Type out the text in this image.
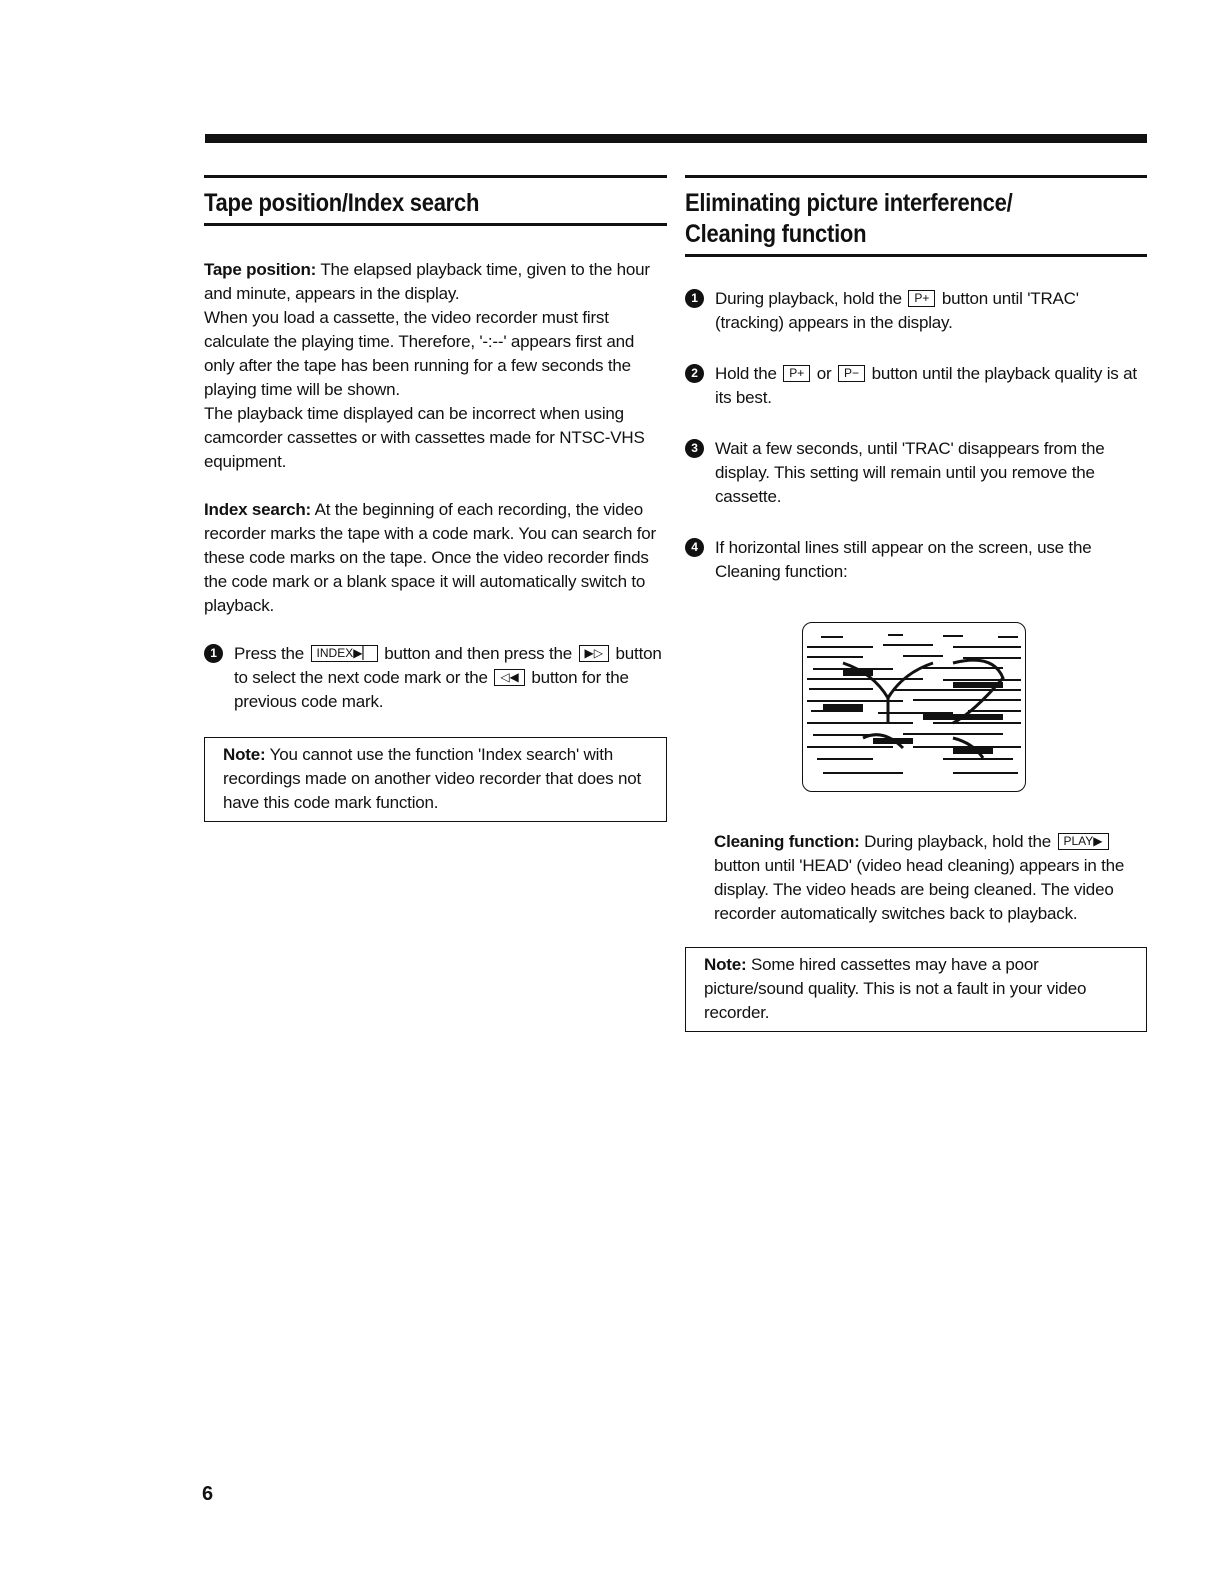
Tape position/Index search
Tape position: The elapsed playback time, given to the hour and minute, appears in the display.
When you load a cassette, the video recorder must first calculate the playing time. Therefore, '-:--' appears first and only after the tape has been running for a few seconds the playing time will be shown.
The playback time displayed can be incorrect when using camcorder cassettes or with cassettes made for NTSC-VHS equipment.
Index search: At the beginning of each recording, the video recorder marks the tape with a code mark. You can search for these code marks on the tape. Once the video recorder finds the code mark or a blank space it will automatically switch to playback.
1	Press the INDEX▶▏ button and then press the ▶▷ button to select the next code mark or the ◁◀ button for the previous code mark.
Note: You cannot use the function 'Index search' with recordings made on another video recorder that does not have this code mark function.
Eliminating picture interference/
Cleaning function
1	During playback, hold the P+ button until 'TRAC' (tracking) appears in the display.
2	Hold the P+ or P− button until the playback quality is at its best.
3	Wait a few seconds, until 'TRAC' disappears from the display. This setting will remain until you remove the cassette.
4	If horizontal lines still appear on the screen, use the Cleaning function:
Cleaning function: During playback, hold the PLAY▶ button until 'HEAD' (video head cleaning) appears in the display. The video heads are being cleaned. The video recorder automatically switches back to playback.
Note: Some hired cassettes may have a poor picture/sound quality. This is not a fault in your video recorder.
6
